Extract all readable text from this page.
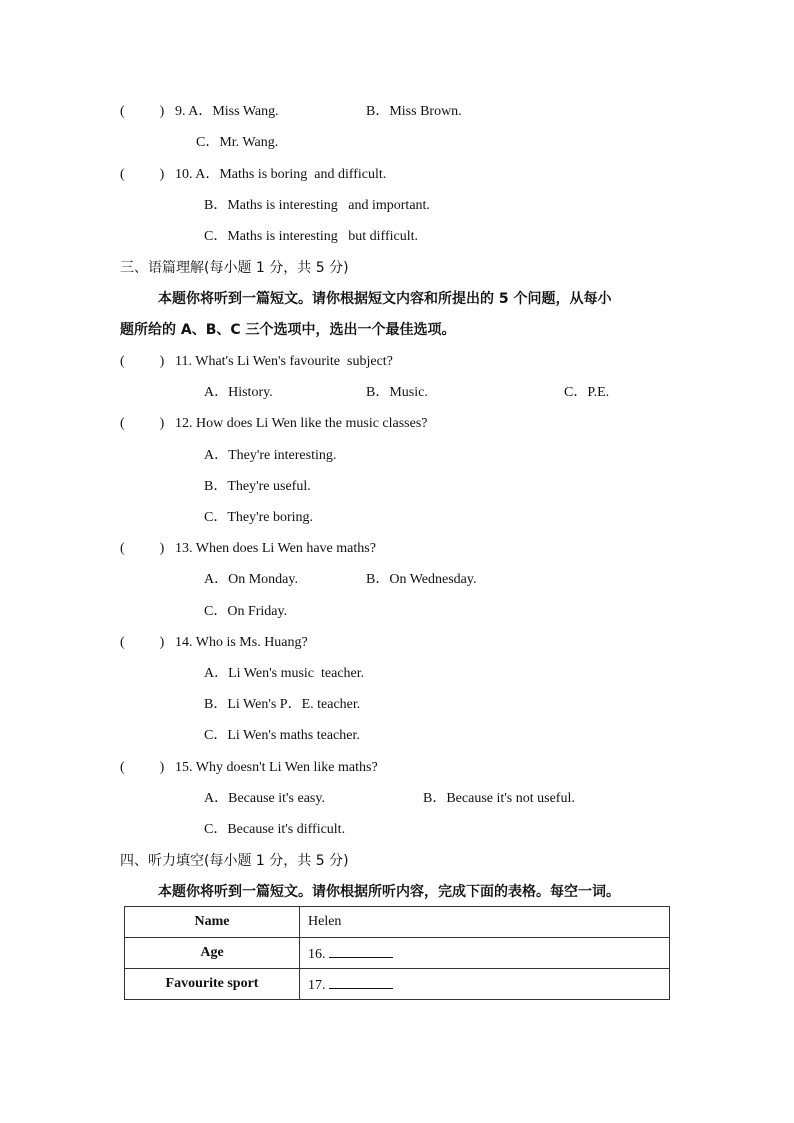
(          ) 9. A．Miss Wang.	B．Miss Brown.
C．Mr. Wang.
(          ) 10. A．Maths is boring  and difficult.
B．Maths is interesting   and important.
C．Maths is interesting   but difficult.
三、语篇理解(每小题 1 分，共 5 分)
本题你将听到一篇短文。请你根据短文内容和所提出的 5 个问题，从每小
题所给的 A、B、C 三个选项中，选出一个最佳选项。
(          ) 11. What's Li Wen's favourite  subject?
A．History.	B．Music.	C．P.E.
(          ) 12. How does Li Wen like the music classes?
A．They're interesting.
B．They're useful.
C．They're boring.
(          ) 13. When does Li Wen have maths?
A．On Monday.	B．On Wednesday.
C．On Friday.
(          ) 14. Who is Ms. Huang?
A．Li Wen's music  teacher.
B．Li Wen's P．E. teacher.
C．Li Wen's maths teacher.
(          ) 15. Why doesn't Li Wen like maths?
A．Because it's easy.	B．Because it's not useful.
C．Because it's difficult.
四、听力填空(每小题 1 分，共 5 分)
本题你将听到一篇短文。请你根据所听内容，完成下面的表格。每空一词。
Name	Helen
Age	16.
Favourite sport	17.
